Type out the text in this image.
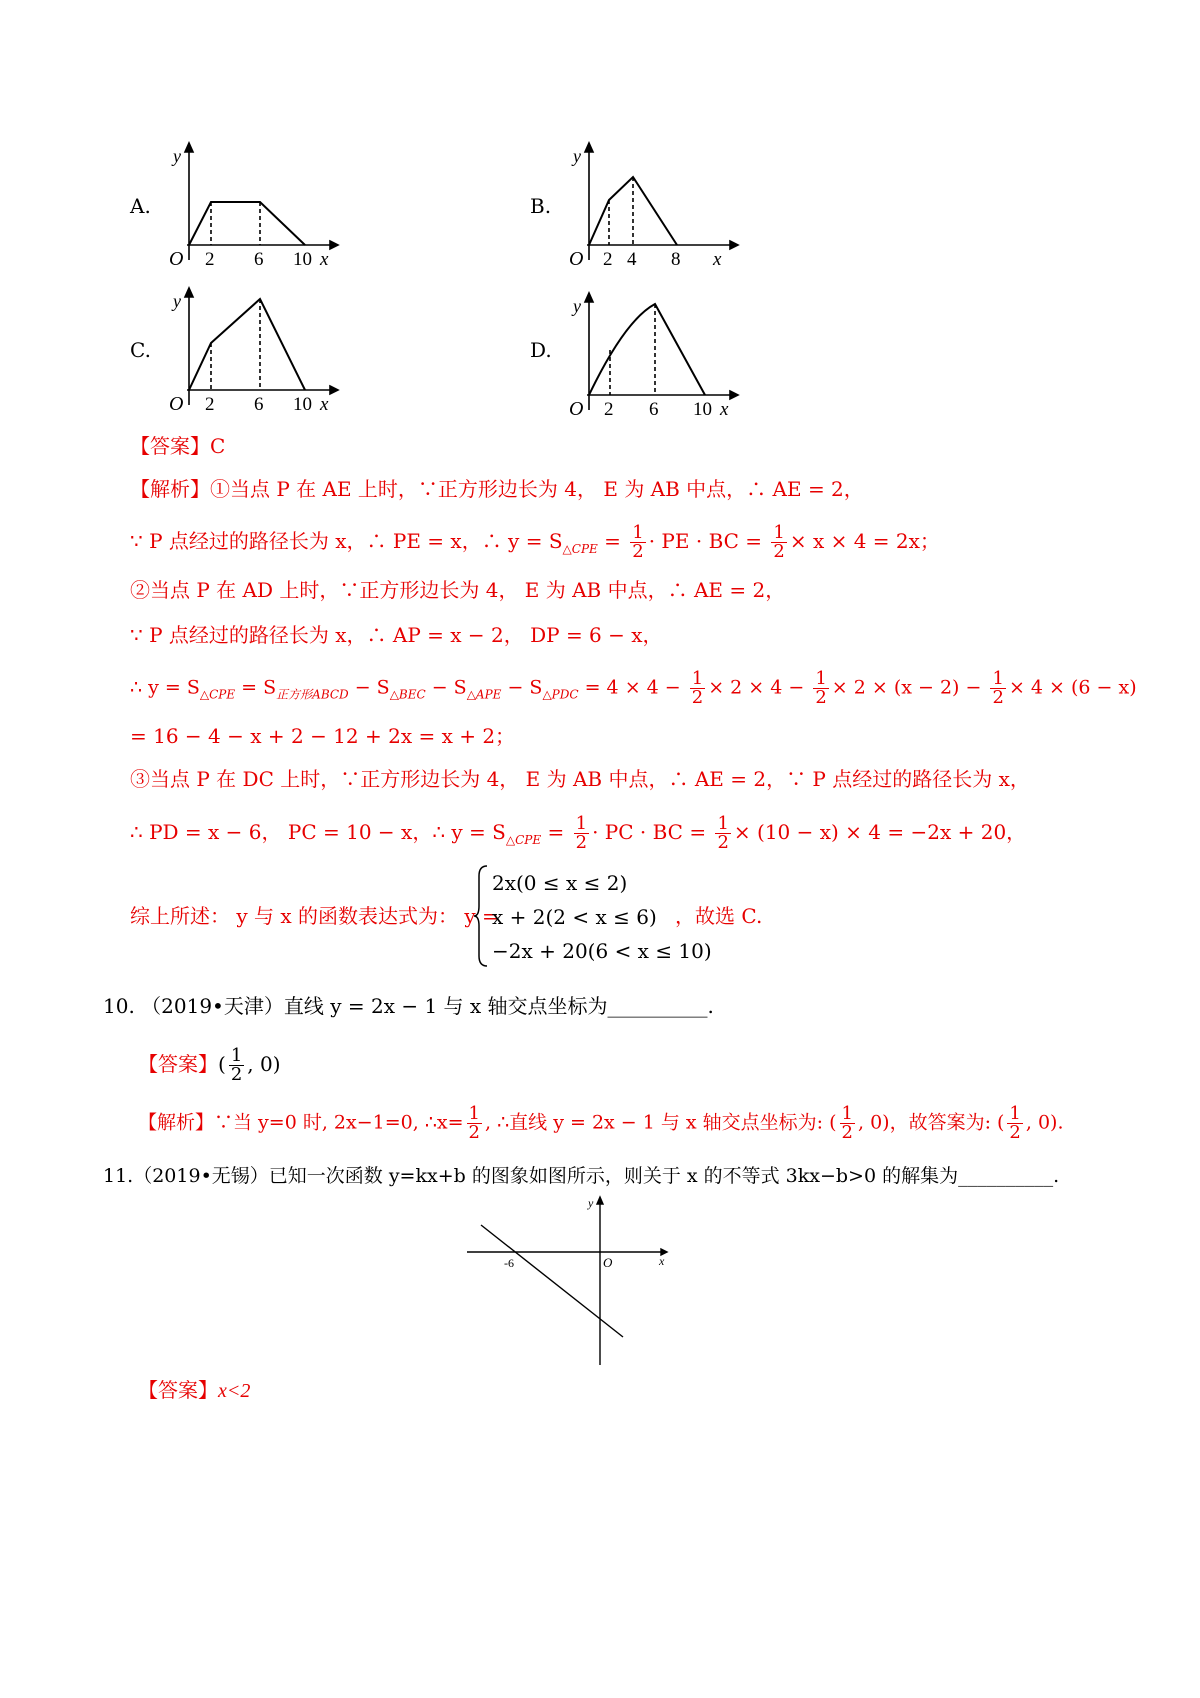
A.
y
O 2 6 10 x
B.
y
O 2 4 8 x
C.
y
O 2 6 10 x
D.
y
O 2 6 10 x
【答案】C
【解析】①当点 P 在 AE 上时，∵正方形边长为 4， E 为 AB 中点，∴ AE = 2，
∵ P 点经过的路径长为 x，∴ PE = x，∴ $y = S_{\triangle CPE} = \frac{1}{2}$ · PE · BC = $\frac{1}{2} \times x \times 4 = 2x$；
②当点 P 在 AD 上时，∵正方形边长为 4， E 为 AB 中点，∴ AE = 2，
∵ P 点经过的路径长为 x，∴ AP = x − 2， DP = 6 − x，
∴ $y = S_{\triangle CPE} = S_{正方形ABCD} - S_{\triangle BEC} - S_{\triangle APE} - S_{\triangle PDC} = 4 \times 4 - \frac{1}{2} \times 2 \times 4 - \frac{1}{2} \times 2 \times (x - 2) - \frac{1}{2} \times 4 \times (6 - x)$
= 16 − 4 − x + 2 − 12 + 2x = x + 2；
③当点 P 在 DC 上时，∵正方形边长为 4， E 为 AB 中点，∴ AE = 2，∵ P 点经过的路径长为 x，
∴ PD = x − 6， PC = 10 − x，∴ $y = S_{\triangle CPE} = \frac{1}{2}$ · PC · BC = $\frac{1}{2} \times (10 - x) \times 4 = -2x + 20$，
综上所述： y 与 x 的函数表达式为： y =
2x(0 ≤ x ≤ 2)
x + 2(2 < x ≤ 6)
−2x + 20(6 < x ≤ 10)
，故选 C.
10. （2019•天津）直线 y = 2x − 1 与 x 轴交点坐标为__________.
【答案】( $\frac{1}{2}$ , 0)
【解析】∵当 y=0 时, 2x−1=0, ∴x= $\frac{1}{2}$ , ∴直线 y = 2x − 1 与 x 轴交点坐标为: ( $\frac{1}{2}$ , 0)，故答案为: ( $\frac{1}{2}$ , 0).
11.（2019•无锡）已知一次函数 y=kx+b 的图象如图所示，则关于 x 的不等式 3kx−b>0 的解集为__________.
y
-6	O	x
【答案】x<2
